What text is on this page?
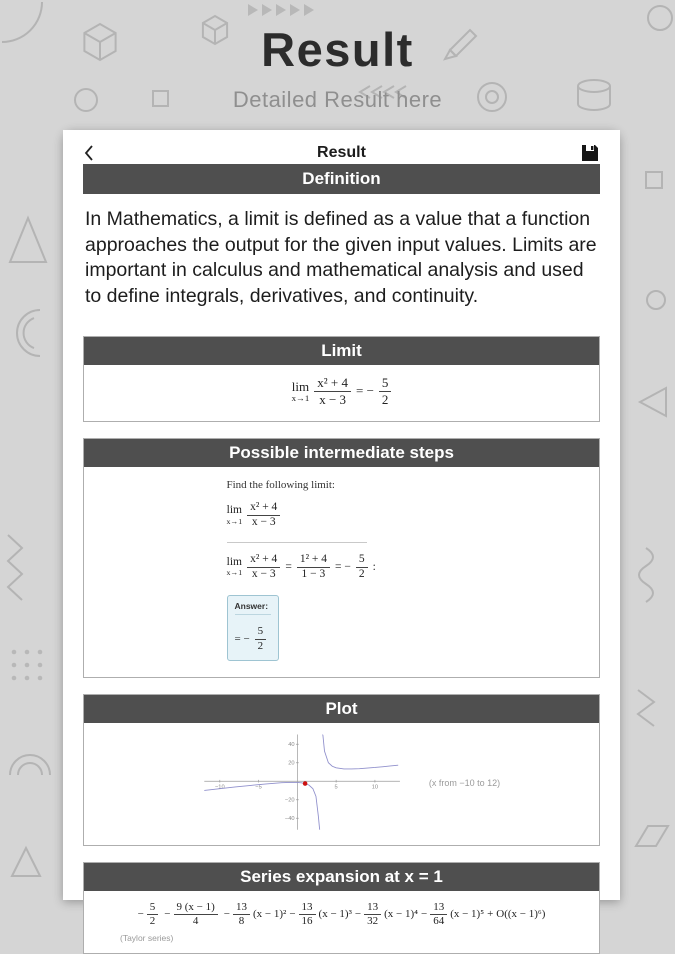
Result
Detailed Result here
Result
Definition

In Mathematics, a limit is defined as a value that a function approaches the output for the given input values. Limits are important in calculus and mathematical analysis and used to define integrals, derivatives, and continuity.

Limit
lim
$x\to 1 \frac{\text{x² + 4}}{x - 3}$ = − $\frac{5}{2}$
Possible intermediate steps
Find the following limit:
lim
$x\to 1 \frac{\text{x² + 4}}{x - 3}$
lim
$x\to 1 \frac{\text{x² + 4}}{x - 3} = \frac{\text{1² + 4}}{1 - 3}$ = − $\frac{5}{2}$ :
Answer:
= − $\frac{5}{2}$
Plot
−10	−5	5	10
40
20
−20
−40
(x from −10 to 12)
Series expansion at x = 1
− $\frac{5}{2} - \frac{9 (x - 1)}{4} - \frac{13}{8} (x - 1)^2 - \frac{13}{16} (x - 1)^3 - \frac{13}{32} (x - 1)^4 - \frac{13}{64} (x - 1)^5 + O((x - 1)^6)$
(Taylor series)
